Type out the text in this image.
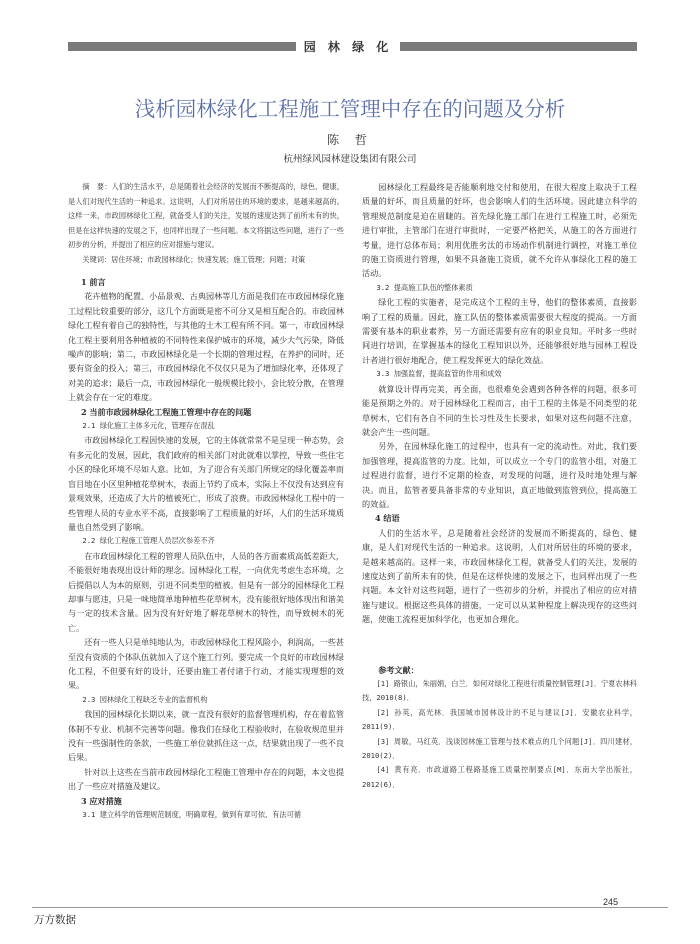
园 林 绿 化
浅析园林绿化工程施工管理中存在的问题及分析
陈 哲
杭州绿风园林建设集团有限公司

摘　要：人们的生活水平，总是随着社会经济的发展而不断提高的，绿色、健康，是人们对现代生活的一种追求。这说明，人们对所居住的环境的要求，是越来越高的。这样一来，市政园林绿化工程，就备受人们的关注，发展的速度达到了前所未有的快，但是在这样快速的发展之下，也同样出现了一些问题。本文将据这些问题，进行了一些初步的分析，并提出了相应的应对措施与建议。

关键词：居住环境；市政园林绿化；快速发展；施工管理；问题；对策

1 前言

花卉植物的配置、小品景观、古典园林等几方面是我们在市政园林绿化施工过程比较重要的部分，这几个方面既是密不可分又是相互配合的。市政园林绿化工程有着自己的独特性，与其他的土木工程有所不同。第一，市政园林绿化工程主要利用各种植被的不同特性来保护城市的环境，减少大气污染，降低噪声的影响；第二，市政园林绿化是一个长期的管理过程，在养护的同时，还要有资金的投入；第三，市政园林绿化不仅仅只是为了增加绿化率，还体现了对美的追求；最后一点，市政园林绿化一般规模比较小，会比较分散，在管理上就会存在一定的难度。

2 当前市政园林绿化工程施工管理中存在的问题

2.1 绿化施工主体多元化，管理存在混乱

市政园林绿化工程因快速的发展，它的主体就常常不是呈现一种态势，会有多元化的发展，因此，我们政府的相关部门对此就难以掌控，导致一些住宅小区的绿化环境不尽如人意。比如，为了迎合有关部门所规定的绿化覆盖率而盲目地在小区里种植花草树木，表面上节约了成本，实际上不仅没有达到应有景观效果，还造成了大片的植被死亡，形成了浪费。市政园林绿化工程中的一些管理人员的专业水平不高，直接影响了工程质量的好坏，人们的生活环境质量也自然受到了影响。

2.2 绿化工程施工管理人员层次参差不齐

在市政园林绿化工程的管理人员队伍中，人员的各方面素质高低差距大，不能很好地表现出设计师的理念。园林绿化工程，一向优先考虑生态环境，之后提倡以人为本的原则，引进不同类型的植被。但是有一部分的园林绿化工程却事与愿违，只是一味地简单地种植些花草树木，没有能很好地体现出和谐美与一定的技术含量。因为没有好好地了解花草树木的特性，而导致树木的死亡。

还有一些人只是单纯地认为，市政园林绿化工程风险小，利润高，一些甚至没有资质的个体队伍就加入了这个施工行列。要完成一个良好的市政园林绿化工程，不但要有好的设计，还要由施工者付诸于行动，才能实现理想的效果。

2.3 园林绿化工程缺乏专业的监督机构

我国的园林绿化长期以来，就一直没有很好的监督管理机构，存在着监管体制不专业、机制不完善等问题。像我们在绿化工程验收时，在验收规范里并没有一些强制性的条款，一些施工单位就抓住这一点，结果就出现了一些不良后果。

针对以上这些在当前市政园林绿化工程施工管理中存在的问题，本文也提出了一些应对措施及建议。

3 应对措施

3.1 建立科学的管理规范制度，明确章程，做到有章可依、有法可循

园林绿化工程最终是否能顺利地交付和使用，在很大程度上取决于工程质量的好坏，而且质量的好坏，也会影响人们的生活环境。因此建立科学的管理规范制度是迫在眉睫的。首先绿化施工部门在进行工程施工时，必须先进行审批，主管部门在进行审批时，一定要严格把关，从施工的各方面进行考量，进行总体布局；利用优胜劣汰的市场动作机制进行调控，对施工单位的施工资质进行管理，如果不具备施工资质，就不允许从事绿化工程的施工活动。

3.2 提高施工队伍的整体素质

绿化工程的实施者，是完成这个工程的主导，他们的整体素质，直接影响了工程的质量。因此，施工队伍的整体素质需要很大程度的提高。一方面需要有基本的职业素养，另一方面还需要有应有的职业良知。平时多一些时间进行培训，在掌握基本的绿化工程知识以外，还能够很好地与园林工程设计者进行很好地配合，使工程发挥更大的绿化效益。

3.3 加强监督，提高监管的作用和成效

就算设计得再完美，再全面，也很难免会遇到各种各样的问题，很多可能是预期之外的。对于园林绿化工程而言，由于工程的主体是不同类型的花草树木，它们有各自不同的生长习性及生长要求，如果对这些问题不注意，就会产生一些问题。

另外，在园林绿化施工的过程中，也具有一定的流动性。对此，我们要加强管理，提高监管的力度。比如，可以成立一个专门的监管小组，对施工过程进行监督，进行不定期的检查，对发现的问题，进行及时地处理与解决。而且，监管者要具备非常的专业知识，真正地做到监管到位，提高施工的效益。

4 结语

人们的生活水平，总是随着社会经济的发展而不断提高的，绿色、健康，是人们对现代生活的一种追求。这说明，人们对所居住的环境的要求，是越来越高的。这样一来，市政园林绿化工程，就备受人们的关注，发展的速度达到了前所未有的快，但是在这样快速的发展之下，也同样出现了一些问题。本文针对这些问题，进行了一些初步的分析，并提出了相应的应对措施与建议。根据这些具体的措施，一定可以从某种程度上解决现存的这些问题，使施工流程更加科学化，也更加合理化。

参考文献：

[1] 路银山，朱丽娟，白兰．如何对绿化工程进行质量控制管理[J]．宁夏农林科技，2010(8)．

[2] 孙英，高光林．我国城市园林设计的不足与建议[J]．安徽农业科学，2011(9)．

[3] 周敏，马红英．浅谈园林施工管理与技术难点的几个问题[J]．四川建材，2010(2)．

[4] 黄有亮．市政道路工程路基施工质量控制要点[M]．东南大学出版社，2012(6)．

245
万方数据
